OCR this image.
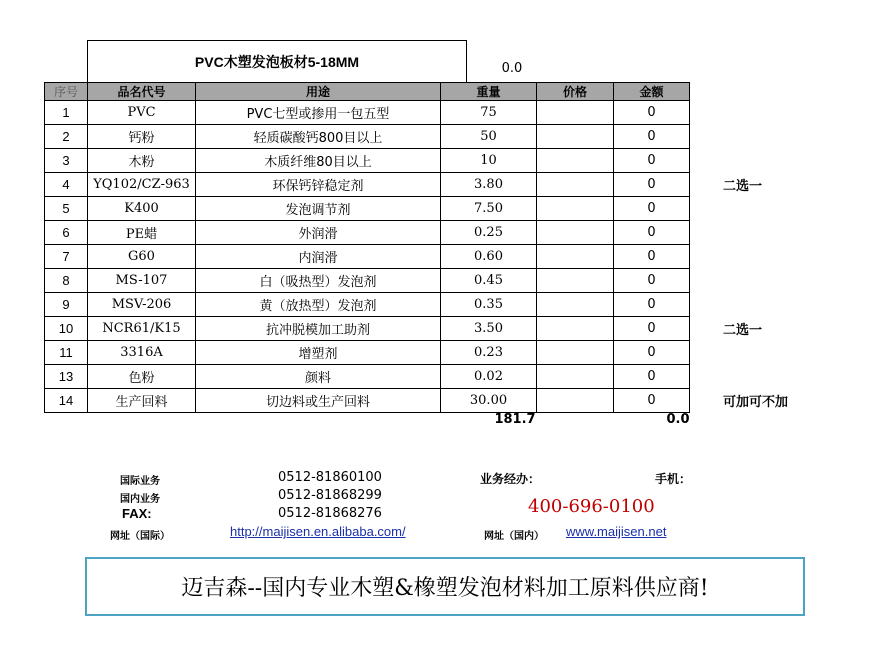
PVC木塑发泡板材5-18MM	0.0
序号	品名代号	用途	重量	价格	金额
1	PVC	PVC七型或掺用一包五型	75		0
2	钙粉	轻质碳酸钙800目以上	50		0
3	木粉	木质纤维80目以上	10		0
4	YQ102/CZ-963	环保钙锌稳定剂	3.80		0
5	K400	发泡调节剂	7.50		0
6	PE蜡	外润滑	0.25		0
7	G60	内润滑	0.60		0
8	MS-107	白（吸热型）发泡剂	0.45		0
9	MSV-206	黄（放热型）发泡剂	0.35		0
10	NCR61/K15	抗冲脱模加工助剂	3.50		0
11	3316A	增塑剂	0.23		0
13	色粉	颜料	0.02		0
14	生产回料	切边料或生产回料	30.00		0
二选一
二选一
可加可不加
181.7	0.0
国际业务	0512-81860100
国内业务	0512-81868299
FAX:	0512-81868276
网址（国际）	http://maijisen.en.alibaba.com/
业务经办：	手机：
400-696-0100
网址（国内） www.maijisen.net
迈吉森--国内专业木塑&橡塑发泡材料加工原料供应商!
